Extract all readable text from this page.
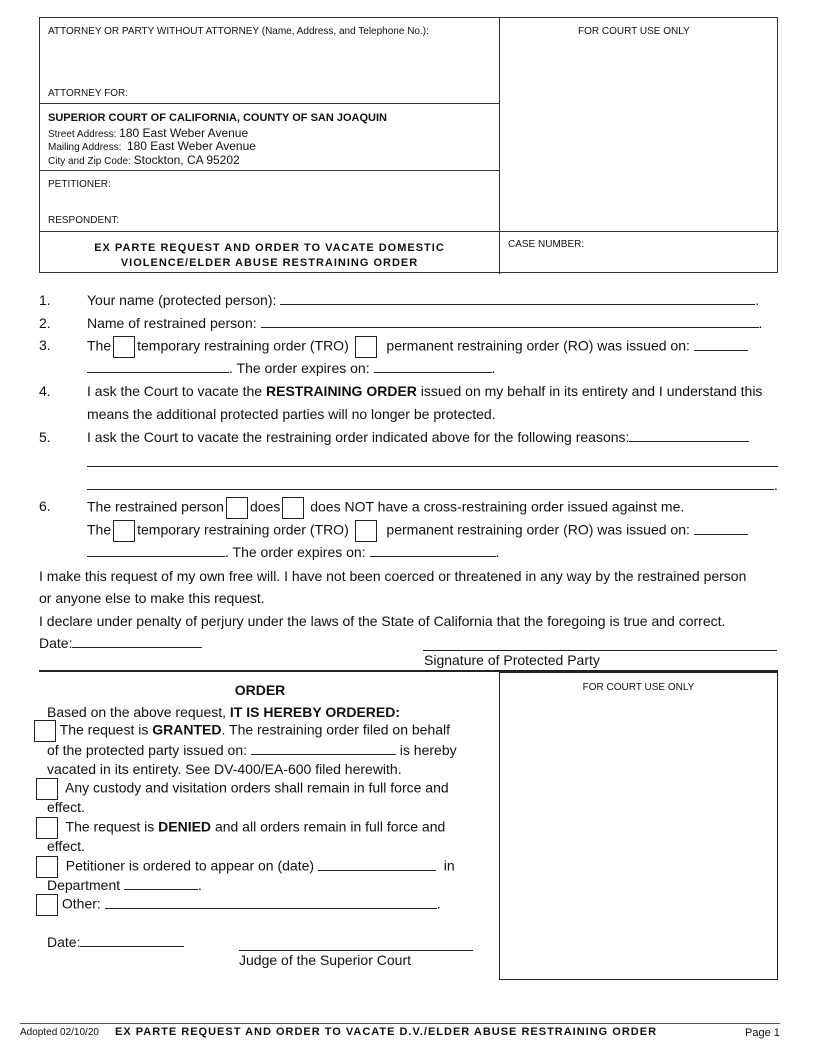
ATTORNEY OR PARTY WITHOUT ATTORNEY (Name, Address, and Telephone No.):
ATTORNEY FOR:
FOR COURT USE ONLY
SUPERIOR COURT OF CALIFORNIA, COUNTY OF SAN JOAQUIN
Street Address: 180 East Weber Avenue
Mailing Address: 180 East Weber Avenue
City and Zip Code: Stockton, CA 95202
PETITIONER:
RESPONDENT:
EX PARTE REQUEST AND ORDER TO VACATE DOMESTIC
VIOLENCE/ELDER ABUSE RESTRAINING ORDER
CASE NUMBER:
1.	Your name (protected person):	.
2.	Name of restrained person:	.
3.	The temporary restraining order (TRO)	permanent restraining order (RO) was issued on:
. The order expires on:	.
4.	I ask the Court to vacate the RESTRAINING ORDER issued on my behalf in its entirety and I understand this
means the additional protected parties will no longer be protected.
5.	I ask the Court to vacate the restraining order indicated above for the following reasons:
.
6.	The restrained person does does NOT have a cross-restraining order issued against me.
The temporary restraining order (TRO)	permanent restraining order (RO) was issued on:
. The order expires on:	.
I make this request of my own free will. I have not been coerced or threatened in any way by the restrained person
or anyone else to make this request.
I declare under penalty of perjury under the laws of the State of California that the foregoing is true and correct.
Date:
Signature of Protected Party
FOR COURT USE ONLY
ORDER
Based on the above request, IT IS HEREBY ORDERED:
The request is GRANTED. The restraining order filed on behalf
of the protected party issued on:	is hereby
vacated in its entirety. See DV-400/EA-600 filed herewith.
Any custody and visitation orders shall remain in full force and
effect.
The request is DENIED and all orders remain in full force and
effect.
Petitioner is ordered to appear on (date)	in
Department	.
Other:	.
Date:
Judge of the Superior Court
Adopted 02/10/20 EX PARTE REQUEST AND ORDER TO VACATE D.V./ELDER ABUSE RESTRAINING ORDER	Page 1
